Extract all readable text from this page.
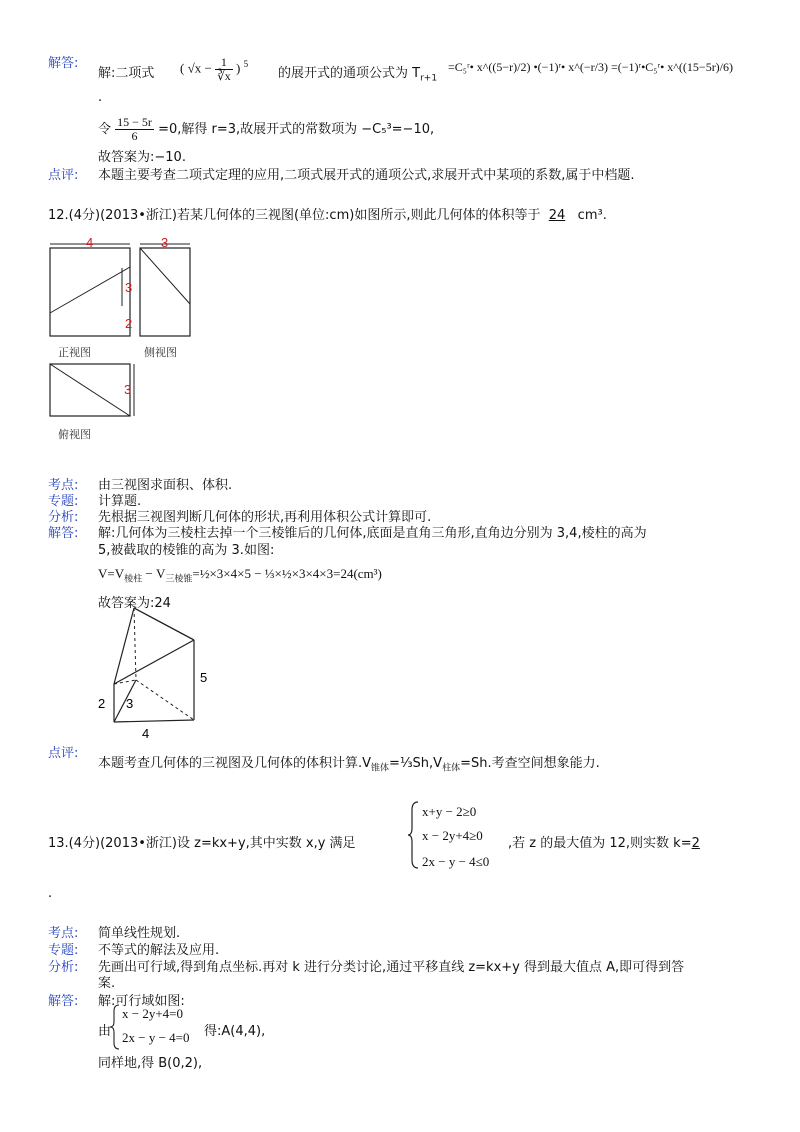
解答:
解:二项式 ( $√x - \frac{1}{∛x}$ ) $^5$
的展开式的通项公式为 $T_{r+1}$
=C₅ʳ• x^((5−r)/2) •(−1)ʳ• x^(−r/3) =(−1)ʳ•C₅ʳ• x^((15−5r)/6)
.
令 $\frac{15 - 5r}{6} =0$,解得 r=3,故展开式的常数项为 −C₅³=−10,
故答案为:−10.
点评: 本题主要考查二项式定理的应用,二项式展开式的通项公式,求展开式中某项的系数,属于中档题.
12.(4分)(2013•浙江)若某几何体的三视图(单位:cm)如图所示,则此几何体的体积等于 24 cm³.
4	3
3
2
侧视图
正视图
3
俯视图
考点: 由三视图求面积、体积.
专题: 计算题.
分析: 先根据三视图判断几何体的形状,再利用体积公式计算即可.
解答: 解:几何体为三棱柱去掉一个三棱锥后的几何体,底面是直角三角形,直角边分别为 3,4,棱柱的高为
5,被截取的棱锥的高为 3.如图:
$V=V_{棱柱}$ − $V_{三棱锥}=\frac{1}{2}\times 3\times 4\times 5$ − ⅓×½×3×4×3=24(cm³)
故答案为:24
5
2 3
4
点评:
本题考查几何体的三视图及几何体的体积计算$.V_{锥体}=\frac{1}{3}Sh,V_{柱体}=Sh$.考查空间想象能力.
13.(4分)(2013•浙江)设 z=kx+y,其中实数 x,y 满足
x+y − 2≥0
x − 2y+4≥0
2x − y − 4≤0
,若 z 的最大值为 12,则实数 k=2
.
考点: 简单线性规划.
专题: 不等式的解法及应用.
分析: 先画出可行域,得到角点坐标.再对 k 进行分类讨论,通过平移直线 z=kx+y 得到最大值点 A,即可得到答
案.
解答: 解:可行域如图:
由
x − 2y+4=0
2x − y − 4=0 得:A(4,4),
同样地,得 B(0,2),
